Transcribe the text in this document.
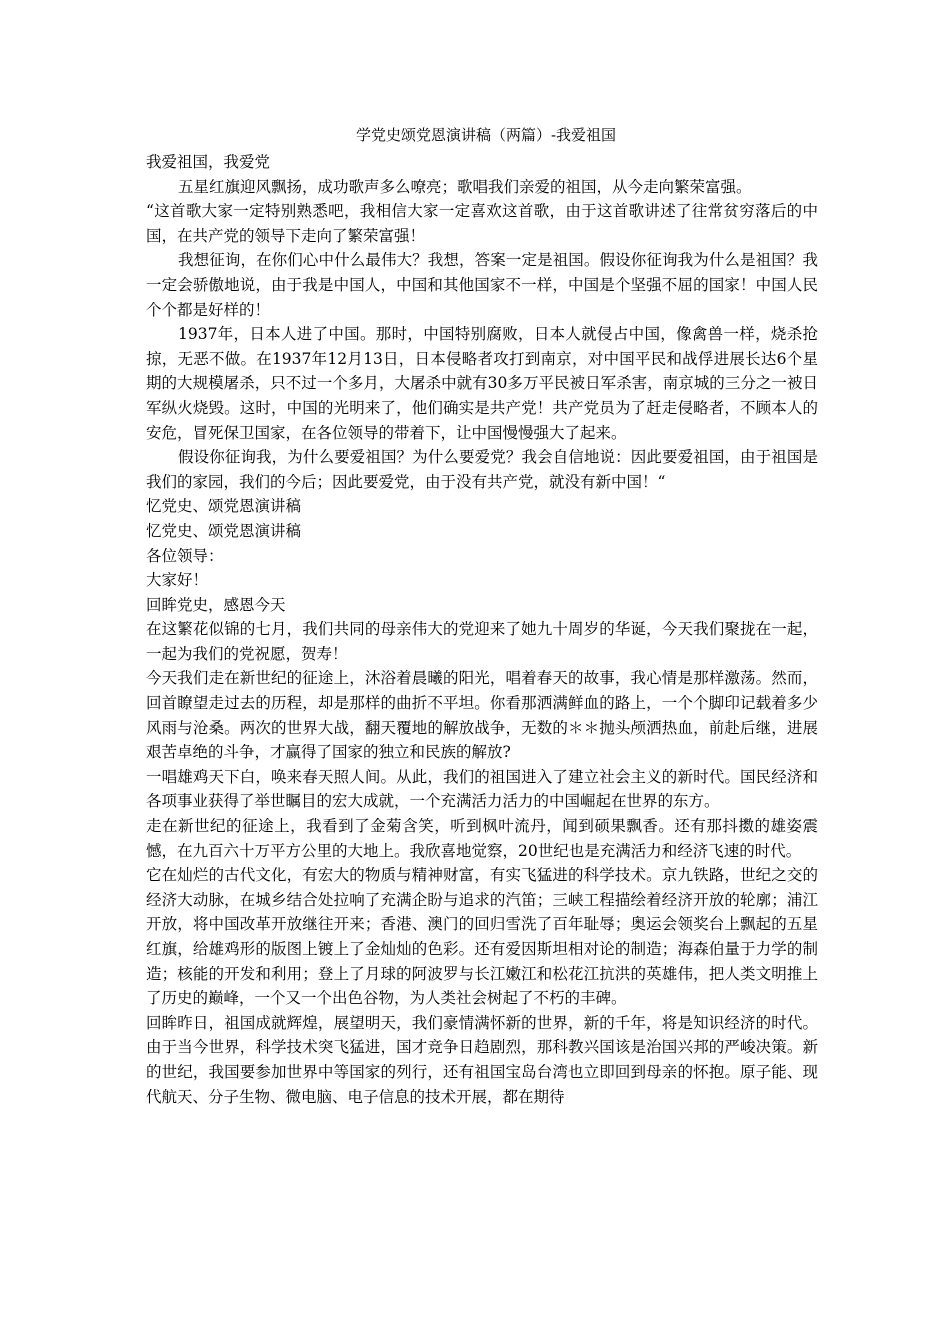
学党史颂党恩演讲稿（两篇）-我爱祖国

我爱祖国，我爱党

五星红旗迎风飘扬，成功歌声多么嘹亮；歌唱我们亲爱的祖国，从今走向繁荣富强。

“这首歌大家一定特别熟悉吧，我相信大家一定喜欢这首歌，由于这首歌讲述了往常贫穷落后的中国，在共产党的领导下走向了繁荣富强！

我想征询，在你们心中什么最伟大？我想，答案一定是祖国。假设你征询我为什么是祖国？我一定会骄傲地说，由于我是中国人，中国和其他国家不一样，中国是个坚强不屈的国家！中国人民个个都是好样的！

1937年，日本人进了中国。那时，中国特别腐败，日本人就侵占中国，像禽兽一样，烧杀抢掠，无恶不做。在1937年12月13日，日本侵略者攻打到南京，对中国平民和战俘进展长达6个星期的大规模屠杀，只不过一个多月，大屠杀中就有30多万平民被日军杀害，南京城的三分之一被日军纵火烧毁。这时，中国的光明来了，他们确实是共产党！共产党员为了赶走侵略者，不顾本人的安危，冒死保卫国家，在各位领导的带着下，让中国慢慢强大了起来。

假设你征询我，为什么要爱祖国？为什么要爱党？我会自信地说：因此要爱祖国，由于祖国是我们的家园，我们的今后；因此要爱党，由于没有共产党，就没有新中国！“

忆党史、颂党恩演讲稿

忆党史、颂党恩演讲稿

各位领导：

大家好！

回眸党史，感恩今天

在这繁花似锦的七月，我们共同的母亲伟大的党迎来了她九十周岁的华诞，今天我们聚拢在一起，一起为我们的党祝愿，贺寿！

今天我们走在新世纪的征途上，沐浴着晨曦的阳光，唱着春天的故事，我心情是那样激荡。然而，回首瞭望走过去的历程，却是那样的曲折不平坦。你看那洒满鲜血的路上，一个个脚印记载着多少风雨与沧桑。两次的世界大战，翻天覆地的解放战争，无数的＊＊抛头颅洒热血，前赴后继，进展艰苦卓绝的斗争，才赢得了国家的独立和民族的解放?

一唱雄鸡天下白，唤来春天照人间。从此，我们的祖国进入了建立社会主义的新时代。国民经济和各项事业获得了举世瞩目的宏大成就，一个充满活力活力的中国崛起在世界的东方。

走在新世纪的征途上，我看到了金菊含笑，听到枫叶流丹，闻到硕果飘香。还有那抖擞的雄姿震憾，在九百六十万平方公里的大地上。我欣喜地觉察，20世纪也是充满活力和经济飞速的时代。

它在灿烂的古代文化，有宏大的物质与精神财富，有实飞猛进的科学技术。京九铁路，世纪之交的经济大动脉，在城乡结合处拉响了充满企盼与追求的汽笛；三峡工程描绘着经济开放的轮廓；浦江开放，将中国改革开放继往开来；香港、澳门的回归雪洗了百年耻辱；奥运会领奖台上飘起的五星红旗，给雄鸡形的版图上镀上了金灿灿的色彩。还有爱因斯坦相对论的制造；海森伯量于力学的制造；核能的开发和利用；登上了月球的阿波罗与长江嫩江和松花江抗洪的英雄伟，把人类文明推上了历史的巅峰，一个又一个出色谷物，为人类社会树起了不朽的丰碑。

回眸昨日，祖国成就辉煌，展望明天，我们豪情满怀新的世界，新的千年，将是知识经济的时代。由于当今世界，科学技术突飞猛进，国才竞争日趋剧烈，那科教兴国该是治国兴邦的严峻决策。新的世纪，我国要参加世界中等国家的列行，还有祖国宝岛台湾也立即回到母亲的怀抱。原子能、现代航天、分子生物、微电脑、电子信息的技术开展，都在期待
